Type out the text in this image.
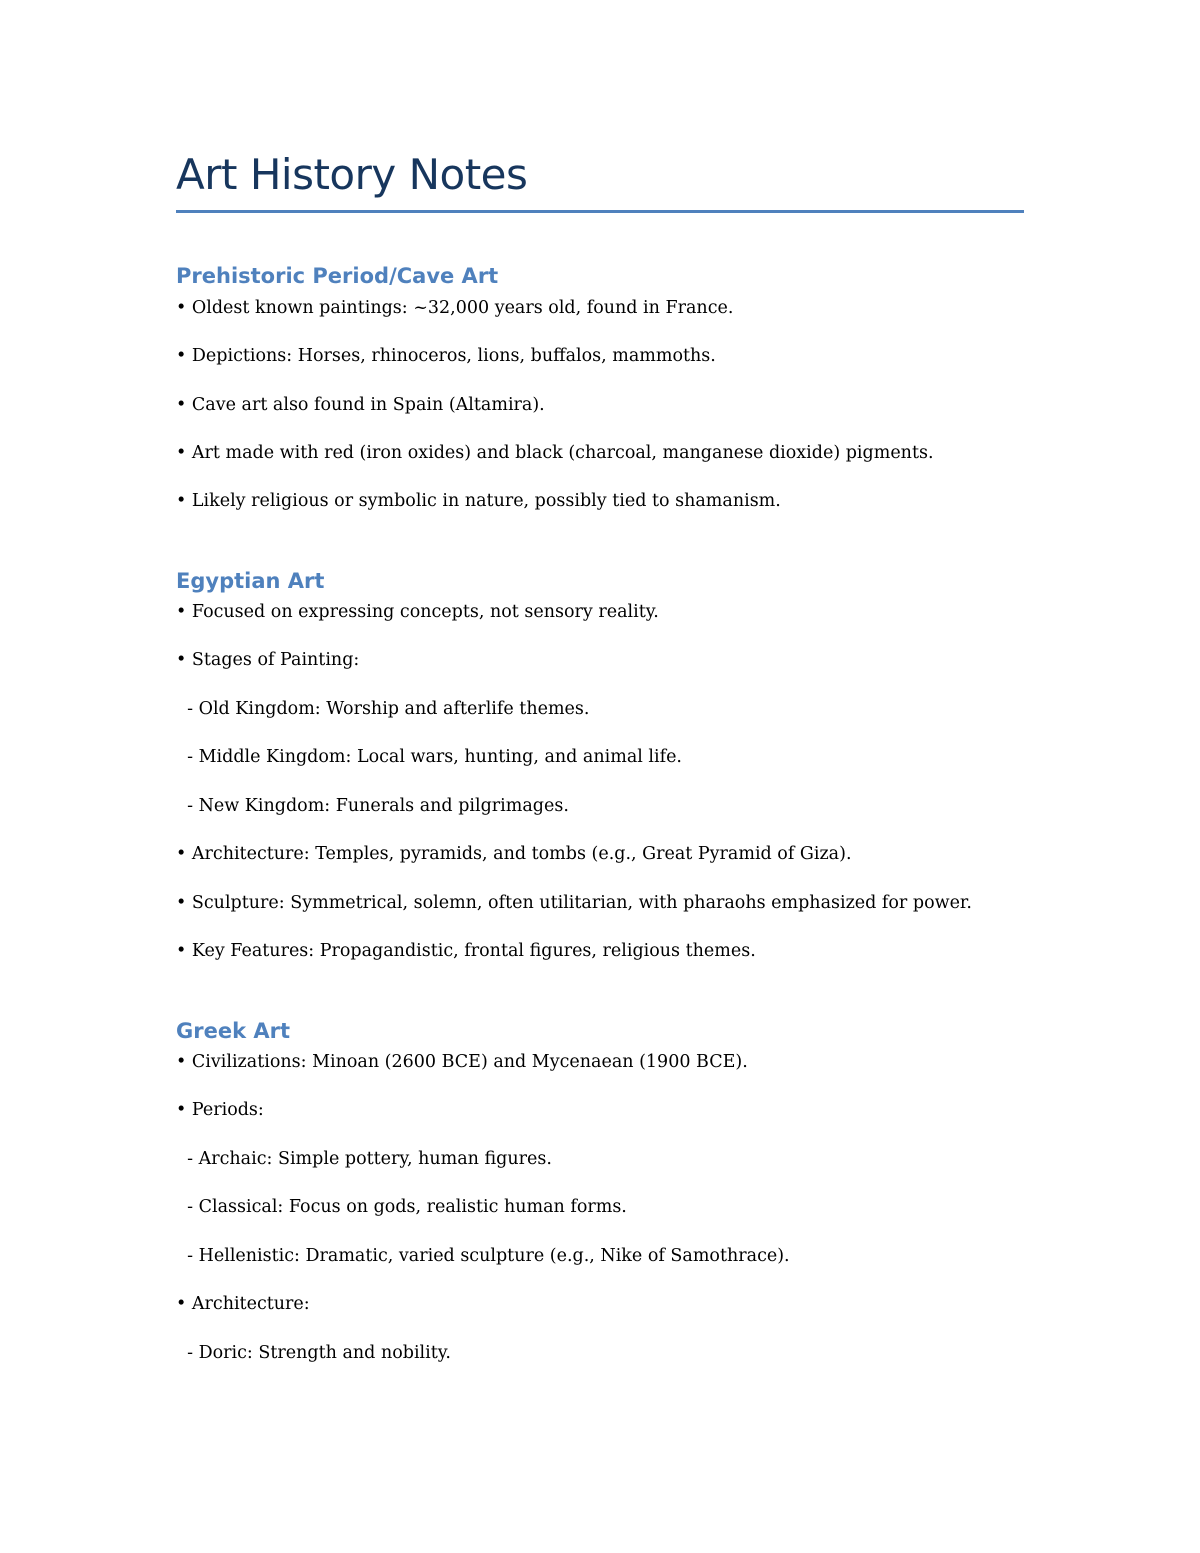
Art History Notes
Prehistoric Period/Cave Art

• Oldest known paintings: ~32,000 years old, found in France.

• Depictions: Horses, rhinoceros, lions, buffalos, mammoths.

• Cave art also found in Spain (Altamira).

• Art made with red (iron oxides) and black (charcoal, manganese dioxide) pigments.

• Likely religious or symbolic in nature, possibly tied to shamanism.

Egyptian Art

• Focused on expressing concepts, not sensory reality.

• Stages of Painting:

- Old Kingdom: Worship and afterlife themes.

- Middle Kingdom: Local wars, hunting, and animal life.

- New Kingdom: Funerals and pilgrimages.

• Architecture: Temples, pyramids, and tombs (e.g., Great Pyramid of Giza).

• Sculpture: Symmetrical, solemn, often utilitarian, with pharaohs emphasized for power.

• Key Features: Propagandistic, frontal figures, religious themes.

Greek Art

• Civilizations: Minoan (2600 BCE) and Mycenaean (1900 BCE).

• Periods:

- Archaic: Simple pottery, human figures.

- Classical: Focus on gods, realistic human forms.

- Hellenistic: Dramatic, varied sculpture (e.g., Nike of Samothrace).

• Architecture:

- Doric: Strength and nobility.
